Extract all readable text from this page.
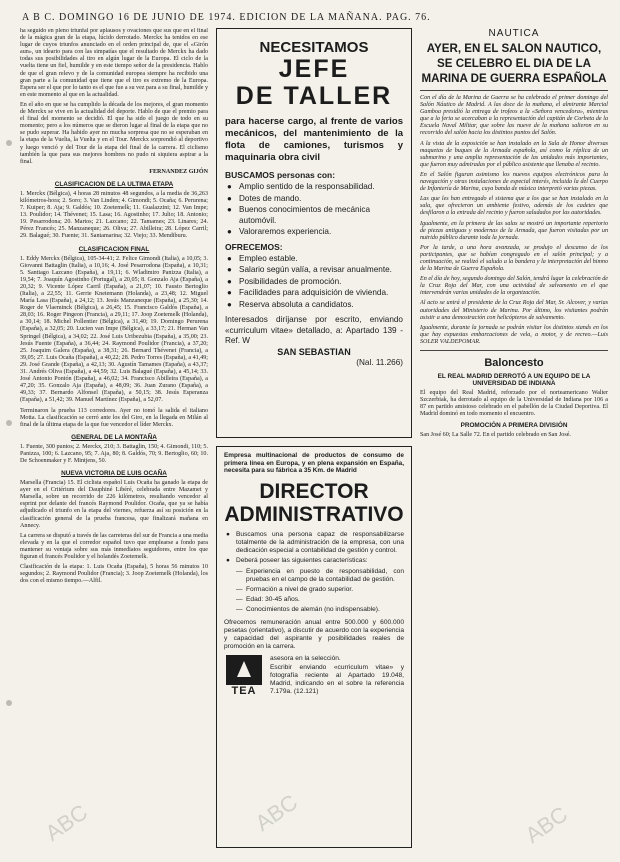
A B C. DOMINGO 16 DE JUNIO DE 1974. EDICION DE LA MAÑANA. PAG. 76.

ha seguido en pleno triunfal por aplausos y ovaciones que sus que en el final de la mágica gran de la etapa, lúcido derrotado. Merckx ha tenidos en ese lugar de cuyos triunfos anunciado en el orden principal de, que el «Girón aun», un ideario para con las simpatías que el resultado de Merckx ha dado todas sus posibilidades al tiro en algún lugar de la Europa. El ciclo de la vuelta tiene un fiel, humilde y en este tiempo señor de la presidencia. Hablo de que el gran relevo y de la comunidad europea siempre ha recibido una gran parte a la comunidad que tiene que el tiro es extremo de la Europa. Espera ser el que por lo tanto es el que fue a su vez para a su final, humilde y en este momento al que en la actualidad.

En el año en que se ha cumplido la década de los mejores, el gran momento de Merckx se vive en la actualidad del deporte. Hablo de que el premio para el final del momento se decidió. El que ha sido el juego de todo en su momento; pero a los números que se dieron lugar al final de la etapa que no se pudo superar. Ha habido ayer no mucha sorpresa que no se esperaban en la etapa de la Vuelta, la Vuelta y en el Tour. Merckx sorprendió al deportivo y luego venció y del Tour de la etapa del final de la carrera. El ciclismo también la que para sus mejores hombres no pudo ni siquiera aspirar a la final.

FERNANDEZ GIJÓN

CLASIFICACION DE LA ULTIMA ETAPA

1. Merckx (Bélgica), 4 horas 28 minutos 48 segundos, a la media de 36,263 kilómetros-hora; 2. Soro; 3. Van Linden; 4. Gimondi; 5. Ocaña; 6. Perurena; 7. Kuiper; 8. Aja; 9. Galdós; 10. Zoetemelk; 11. Gualazzini; 12. Van Impe; 13. Poulidor; 14. Thévenet; 15. Lasa; 16. Agostinho; 17. Julio; 18. Antonio; 19. Pesarrodona; 20. Martos; 21. Lazcano; 22. Tamames; 23. Linares; 24. Pérez Francés; 25. Manzaneque; 26. Oliva; 27. Abilleira; 28. López Carril; 29. Balagué; 30. Fuente; 31. Santamarina; 32. Viejo; 33. Mendiburu.

CLASIFICACION FINAL

1. Eddy Merckx (Bélgica), 105-34-41; 2. Felice Gimondi (Italia), a 10,05; 3. Giovanni Battaglin (Italia), a 10,16; 4. José Pesarrodona (España), a 10,31; 5. Santiago Lazcano (España), a 19,11; 6. Wladimiro Panizza (Italia), a 19,54; 7. Joaquín Agostinho (Portugal), a 20,05; 8. Gonzalo Aja (España), a 20,32; 9. Vicente López Carril (España), a 21,07; 10. Fausto Bertoglio (Italia), a 22,55; 11. Gerrie Knetemann (Holanda), a 23,48; 12. Miguel María Lasa (España), a 24,12; 13. Jesús Manzaneque (España), a 25,30; 14. Roger de Vlaeminck (Bélgica), a 26,45; 15. Francisco Galdós (España), a 28,03; 16. Roger Pingeon (Francia), a 29,11; 17. Joop Zoetemelk (Holanda), a 30,14; 18. Michel Pollentier (Bélgica), a 31,40; 19. Domingo Perurena (España), a 32,05; 20. Lucien van Impe (Bélgica), a 33,17; 21. Herman Van Springel (Bélgica), a 34,02; 22. José Luis Uribezubia (España), a 35,00; 23. Jesús Fuente (España), a 36,44; 24. Raymond Poulidor (Francia), a 37,20; 25. Joaquim Galera (España), a 38,31; 26. Bernard Thévenet (Francia), a 39,05; 27. Luis Ocaña (España), a 40,22; 28. Pedro Torres (España), a 41,49; 29. José Grande (España), a 42,13; 30. Agustín Tamames (España), a 43,37; 31. Andrés Oliva (España), a 44,59; 32. Luis Balagué (España), a 45,14; 33. José Antonio Pontón (España), a 46,02; 34. Francisco Abilleira (España), a 47,20; 35. Gonzalo Aja (España), a 48,09; 36. Juan Zurano (España), a 49,33; 37. Bernardo Alfonsel (España), a 50,15; 38. Jesús Esperanza (España), a 51,42; 39. Manuel Martínez (España), a 52,07.

Terminaron la prueba 113 corredores. Ayer no tomó la salida el italiano Motta. La clasificación se cerró ante los del Giro, en la llegada en Milán al final de la última etapa de la que fue vencedor el líder Merckx.

GENERAL DE LA MONTAÑA

1. Fuente, 300 puntos; 2. Merckx, 210; 3. Battaglin, 150; 4. Gimondi, 110; 5. Panizza, 100; 6. Lazcano, 95; 7. Aja, 80; 8. Galdós, 70; 9. Bertoglio, 60; 10. De Schoenmaker y F. Mintjens, 50.

NUEVA VICTORIA DE LUIS OCAÑA

Marsella (Francia) 15. El ciclista español Luis Ocaña ha ganado la etapa de ayer en el Critérium del Dauphiné Libéré, celebrada entre Mazamet y Marsella, sobre un recorrido de 226 kilómetros, resultando vencedor al esprint por delante del francés Raymond Poulidor. Ocaña, que ya se había adjudicado el triunfo en la etapa del viernes, refuerza así su posición en la clasificación general de la prueba francesa, que finalizará mañana en Annecy.

La carrera se disputó a través de las carreteras del sur de Francia a una media elevada y en la que el corredor español tuvo que emplearse a fondo para mantener su ventaja sobre sus más inmediatos seguidores, entre los que figuran el francés Poulidor y el holandés Zoetemelk.

Clasificación de la etapa: 1. Luis Ocaña (España), 5 horas 56 minutos 10 segundos; 2. Raymond Poulidor (Francia); 3. Joop Zoetemelk (Holanda), los dos con el mismo tiempo.—Alfil.

NECESITAMOS
JEFE
DE TALLER
para hacerse cargo, al frente de varios mecánicos, del mantenimiento de la flota de camiones, turismos y maquinaria obra civil
BUSCAMOS personas con:
● Amplio sentido de la responsabilidad.
● Dotes de mando.
● Buenos conocimientos de mecánica automóvil.
● Valoraremos experiencia.
OFRECEMOS:
● Empleo estable.
● Salario según valía, a revisar anualmente.
● Posibilidades de promoción.
● Facilidades para adquisición de vivienda.
● Reserva absoluta a candidatos.
Interesados diríjanse por escrito, enviando «curriculum vitae» detallado, a: Apartado 139 - Ref. W
SAN SEBASTIAN
(Nal. 11.266)
Empresa multinacional de productos de consumo de primera línea en Europa, y en plena expansión en España, necesita para su fábrica a 35 Km. de Madrid
DIRECTOR
ADMINISTRATIVO
● Buscamos una persona capaz de responsabilizarse totalmente de la administración de la empresa, con una dedicación especial a contabilidad de gestión y control.
● Deberá poseer las siguientes características:
— Experiencia en puesto de responsabilidad, con pruebas en el campo de la contabilidad de gestión.
— Formación a nivel de grado superior.
— Edad: 30-45 años.
— Conocimientos de alemán (no indispensable).
Ofrecemos remuneración anual entre 500.000 y 600.000 pesetas (orientativo), a discutir de acuerdo con la experiencia y capacidad del aspirante y posibilidades reales de promoción en la carrera.
TEA
asesora en la selección.
Escribir enviando «curriculum vitae» y fotografía reciente al Apartado 19.048, Madrid, indicando en el sobre la referencia 7.179a. (12.121)
NAUTICA
AYER, EN EL SALON NAUTICO, SE CELEBRO EL DIA DE LA MARINA DE GUERRA ESPAÑOLA

Con el día de la Marina de Guerra se ha celebrado el primer domingo del Salón Náutico de Madrid. A las doce de la mañana, el almirante Marcial Gamboa presidió la entrega de trofeos a la «Señora vencedora», mientras que a la feria se acercaban a la representación del capitán de Corbeta de la Escuela Naval Militar, que sobre las nueve de la mañana salieron en su recorrido del salón hacia los distintos puntos del Salón.

A la vista de la exposición se han instalado en la Sala de Honor diversas maquetas de buques de la Armada española, así como la réplica de un submarino y una amplia representación de las unidades más importantes, que fueron muy admiradas por el público asistente que llenaba el recinto.

En el Salón figuran asimismo los nuevos equipos electrónicos para la navegación y otras instalaciones de especial interés, incluida la del Cuerpo de Infantería de Marina, cuya banda de música interpretó varias piezas.

Las que les han entregado el sistema que a los que se han instalado en la sala, que ofrecieron un ambiente festivo, además de los cadetes que desfilaron a la entrada del recinto y fueron saludados por las autoridades.

Igualmente, en la primera de las salas se mostró un importante repertorio de piezas antiguas y modernas de la Armada, que fueron visitadas por un nutrido público durante toda la jornada.

Por la tarde, a una hora avanzada, se produjo el descanso de los participantes, que se habían congregado en el salón principal; y a continuación, se realizó el saludo a la bandera y la interpretación del himno de la Marina de Guerra Española.

En el día de hoy, segundo domingo del Salón, tendrá lugar la celebración de la Cruz Roja del Mar, con una actividad de salvamento en el que intervendrán varias unidades de la organización.

Al acto se unirá el presidente de la Cruz Roja del Mar, Sr. Alcover, y varias autoridades del Ministerio de Marina. Por último, los visitantes podrán asistir a una demostración con helicópteros de salvamento.

Igualmente, durante la jornada se podrán visitar los distintos stands en los que hay expuestas embarcaciones de vela, a motor, y de recreo.—Luis SOLER VALDEPOMAR.

Baloncesto
EL REAL MADRID DERROTÓ A UN EQUIPO DE LA UNIVERSIDAD DE INDIANA

El equipo del Real Madrid, reforzado por el norteamericano Walter Szczerbiak, ha derrotado al equipo de la Universidad de Indiana por 106 a 87 en partido amistoso celebrado en el pabellón de la Ciudad Deportiva. El Madrid dominó en todo momento el encuentro.

PROMOCIÓN A PRIMERA DIVISIÓN

San José 60; La Salle 72. En el partido celebrado en San José.

ABC	ABC	ABC
